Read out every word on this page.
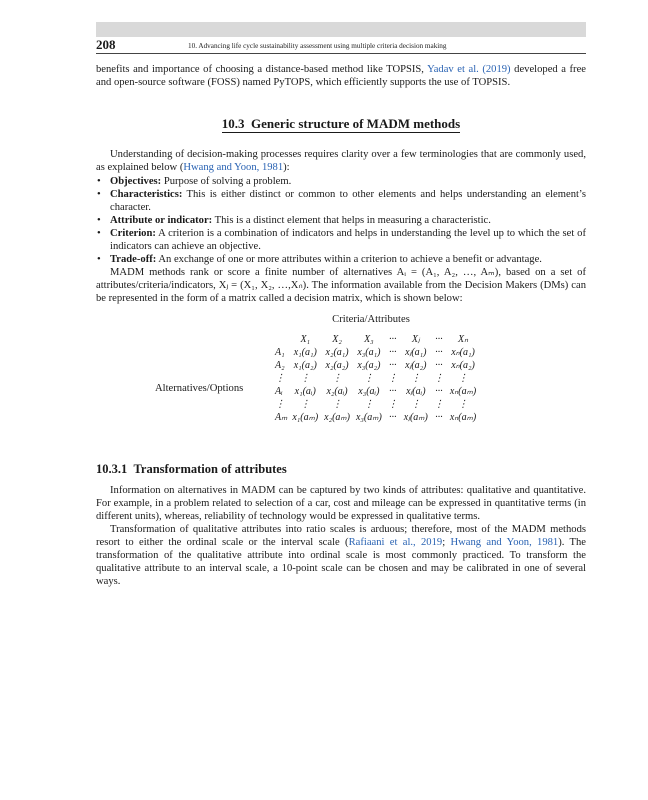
208	10. Advancing life cycle sustainability assessment using multiple criteria decision making

benefits and importance of choosing a distance-based method like TOPSIS, Yadav et al. (2019) developed a free and open-source software (FOSS) named PyTOPS, which efficiently supports the use of TOPSIS.

10.3 Generic structure of MADM methods

Understanding of decision-making processes requires clarity over a few terminologies that are commonly used, as explained below (Hwang and Yoon, 1981):

• Objectives: Purpose of solving a problem.
• Characteristics: This is either distinct or common to other elements and helps understanding an element’s character.
• Attribute or indicator: This is a distinct element that helps in measuring a characteristic.
• Criterion: A criterion is a combination of indicators and helps in understanding the level up to which the set of indicators can achieve an objective.
• Trade-off: An exchange of one or more attributes within a criterion to achieve a benefit or advantage.

MADM methods rank or score a finite number of alternatives Aᵢ = (A₁, A₂, …, Aₘ), based on a set of attributes/criteria/indicators, Xⱼ = (X₁, X₂, …,Xₙ). The information available from the Decision Makers (DMs) can be represented in the form of a matrix called a decision matrix, which is shown below:

Criteria/Attributes
Alternatives/Options
	X₁	X₂	X₃	···	Xⱼ	···	Xₙ
A₁	x₁(a₁)	x₂(a₁)	x₃(a₁)	···	xⱼ(a₁)	···	xₙ(a₁)
A₂	x₁(a₂)	x₂(a₂)	x₃(a₂)	···	xⱼ(a₂)	···	xₙ(a₂)
⋮	⋮	⋮	⋮	⋮	⋮	⋮	⋮
Aᵢ	x₁(aᵢ)	x₂(aᵢ)	x₃(aᵢ)	···	xⱼ(aᵢ)	···	xₙ(aₘ)
⋮	⋮	⋮	⋮	⋮	⋮	⋮	⋮
Aₘ	x₁(aₘ)	x₂(aₘ)	x₃(aₘ)	···	xⱼ(aₘ)	···	xₙ(aₘ)
10.3.1 Transformation of attributes

Information on alternatives in MADM can be captured by two kinds of attributes: qualitative and quantitative. For example, in a problem related to selection of a car, cost and mileage can be expressed in quantitative terms (in different units), whereas, reliability of technology would be expressed in qualitative terms.

Transformation of qualitative attributes into ratio scales is arduous; therefore, most of the MADM methods resort to either the ordinal scale or the interval scale (Rafiaani et al., 2019; Hwang and Yoon, 1981). The transformation of the qualitative attribute into ordinal scale is most commonly practiced. To transform the qualitative attribute to an interval scale, a 10-point scale can be chosen and may be calibrated in one of several ways.
